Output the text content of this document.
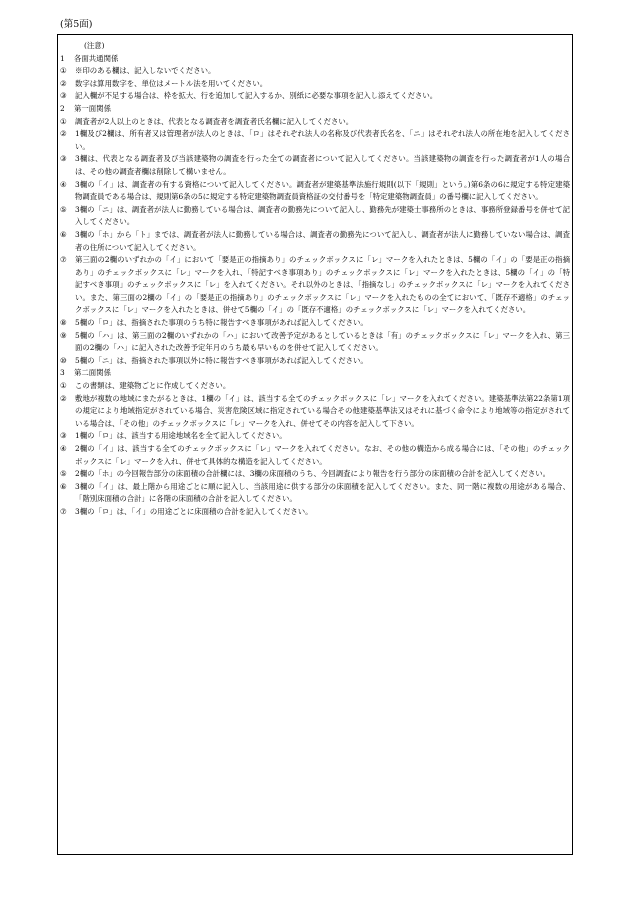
(第5面)
(注意)
1	各面共通関係
①	※印のある欄は、記入しないでください。
②	数字は算用数字を、単位はメートル法を用いてください。
③	記入欄が不足する場合は、枠を拡大、行を追加して記入するか、別紙に必要な事項を記入し添えてください。
2	第一面関係
①	調査者が2人以上のときは、代表となる調査者を調査者氏名欄に記入してください。
②	1欄及び2欄は、所有者又は管理者が法人のときは、「ロ」はそれぞれ法人の名称及び代表者氏名を、「ニ」はそれぞれ法人の所在地を記入してください。
③	3欄は、代表となる調査者及び当該建築物の調査を行った全ての調査者について記入してください。当該建築物の調査を行った調査者が1人の場合は、その他の調査者欄は削除して構いません。
④	3欄の「イ」は、調査者の有する資格について記入してください。調査者が建築基準法施行規則(以下「規則」という。)第6条の6に規定する特定建築物調査員である場合は、規則第6条の5に規定する特定建築物調査員資格証の交付番号を「特定建築物調査員」の番号欄に記入してください。
⑤	3欄の「ニ」は、調査者が法人に勤務している場合は、調査者の勤務先について記入し、勤務先が建築士事務所のときは、事務所登録番号を併せて記入してください。
⑥	3欄の「ホ」から「ト」までは、調査者が法人に勤務している場合は、調査者の勤務先について記入し、調査者が法人に勤務していない場合は、調査者の住所について記入してください。
⑦	第三面の2欄のいずれかの「イ」において「要是正の指摘あり」のチェックボックスに「レ」マークを入れたときは、5欄の「イ」の「要是正の指摘あり」のチェックボックスに「レ」マークを入れ、「特記すべき事項あり」のチェックボックスに「レ」マークを入れたときは、5欄の「イ」の「特記すべき事項」のチェックボックスに「レ」を入れてください。それ以外のときは、「指摘なし」のチェックボックスに「レ」マークを入れてください。また、第三面の2欄の「イ」の「要是正の指摘あり」のチェックボックスに「レ」マークを入れたものの全てにおいて、「既存不適格」のチェックボックスに「レ」マークを入れたときは、併せて5欄の「イ」の「既存不適格」のチェックボックスに「レ」マークを入れてください。
⑧	5欄の「ロ」は、指摘された事項のうち特に報告すべき事項があれば記入してください。
⑨	5欄の「ハ」は、第三面の2欄のいずれかの「ハ」において改善予定があるとしているときは「有」のチェックボックスに「レ」マークを入れ、第三面の2欄の「ハ」に記入された改善予定年月のうち最も早いものを併せて記入してください。
⑩	5欄の「ニ」は、指摘された事項以外に特に報告すべき事項があれば記入してください。
3	第二面関係
①	この書類は、建築物ごとに作成してください。
②	敷地が複数の地域にまたがるときは、1欄の「イ」は、該当する全てのチェックボックスに「レ」マークを入れてください。建築基準法第22条第1項の規定により地域指定がされている場合、災害危険区域に指定されている場合その他建築基準法又はそれに基づく命令により地域等の指定がされている場合は、「その他」のチェックボックスに「レ」マークを入れ、併せてその内容を記入して下さい。
③	1欄の「ロ」は、該当する用途地域名を全て記入してください。
④	2欄の「イ」は、該当する全てのチェックボックスに「レ」マークを入れてください。なお、その他の構造から成る場合には、「その他」のチェックボックスに「レ」マークを入れ、併せて具体的な構造を記入してください。
⑤	2欄の「ホ」の今回報告部分の床面積の合計欄には、3欄の床面積のうち、今回調査により報告を行う部分の床面積の合計を記入してください。
⑥	3欄の「イ」は、最上階から用途ごとに順に記入し、当該用途に供する部分の床面積を記入してください。また、同一階に複数の用途がある場合、「階別床面積の合計」に各階の床面積の合計を記入してください。
⑦	3欄の「ロ」は、「イ」の用途ごとに床面積の合計を記入してください。
